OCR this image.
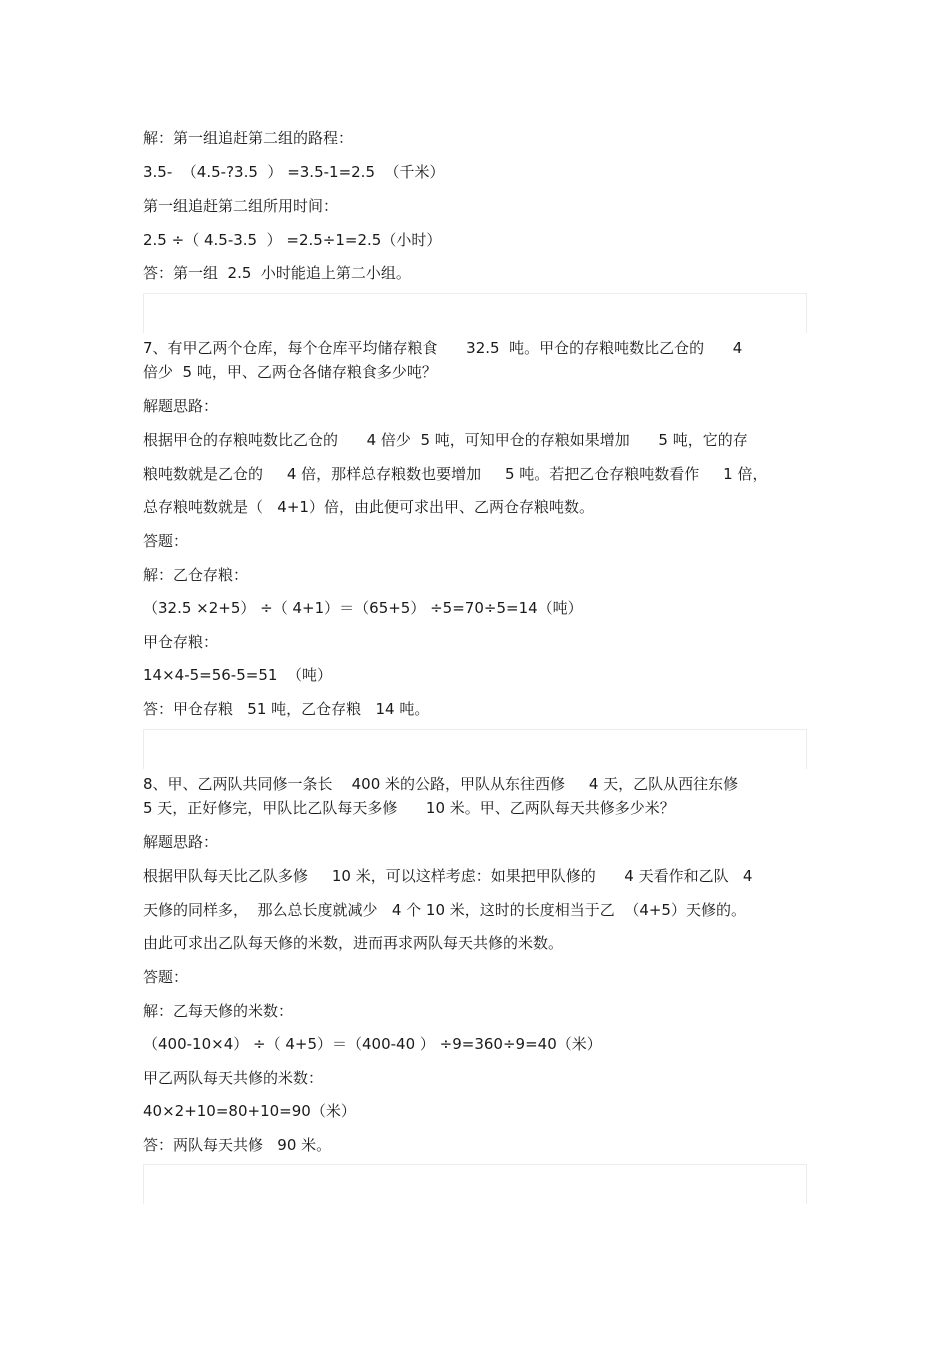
解：第一组追赶第二组的路程：
3.5-  （4.5-?3.5  ） =3.5-1=2.5  （千米）
第一组追赶第二组所用时间：
2.5 ÷（ 4.5-3.5  ） =2.5÷1=2.5（小时）
答：第一组  2.5  小时能追上第二小组。
7、有甲乙两个仓库，每个仓库平均储存粮食      32.5  吨。甲仓的存粮吨数比乙仓的      4
倍少  5 吨，甲、乙两仓各储存粮食多少吨？
解题思路：
根据甲仓的存粮吨数比乙仓的      4 倍少  5 吨，可知甲仓的存粮如果增加      5 吨，它的存
粮吨数就是乙仓的     4 倍，那样总存粮数也要增加     5 吨。若把乙仓存粮吨数看作     1 倍，
总存粮吨数就是（   4+1）倍，由此便可求出甲、乙两仓存粮吨数。
答题：
解：乙仓存粮：
（32.5 ×2+5） ÷（ 4+1）＝（65+5） ÷5=70÷5=14（吨）
甲仓存粮：
14×4-5=56-5=51  （吨）
答：甲仓存粮   51 吨，乙仓存粮   14 吨。
8、甲、乙两队共同修一条长    400 米的公路，甲队从东往西修     4 天，乙队从西往东修
5 天，正好修完，甲队比乙队每天多修      10 米。甲、乙两队每天共修多少米？
解题思路：
根据甲队每天比乙队多修     10 米，可以这样考虑：如果把甲队修的      4 天看作和乙队   4
天修的同样多，  那么总长度就减少   4 个 10 米，这时的长度相当于乙  （4+5）天修的。
由此可求出乙队每天修的米数，进而再求两队每天共修的米数。
答题：
解：乙每天修的米数：
（400-10×4） ÷（ 4+5）＝（400-40 ） ÷9=360÷9=40（米）
甲乙两队每天共修的米数：
40×2+10=80+10=90（米）
答：两队每天共修   90 米。
